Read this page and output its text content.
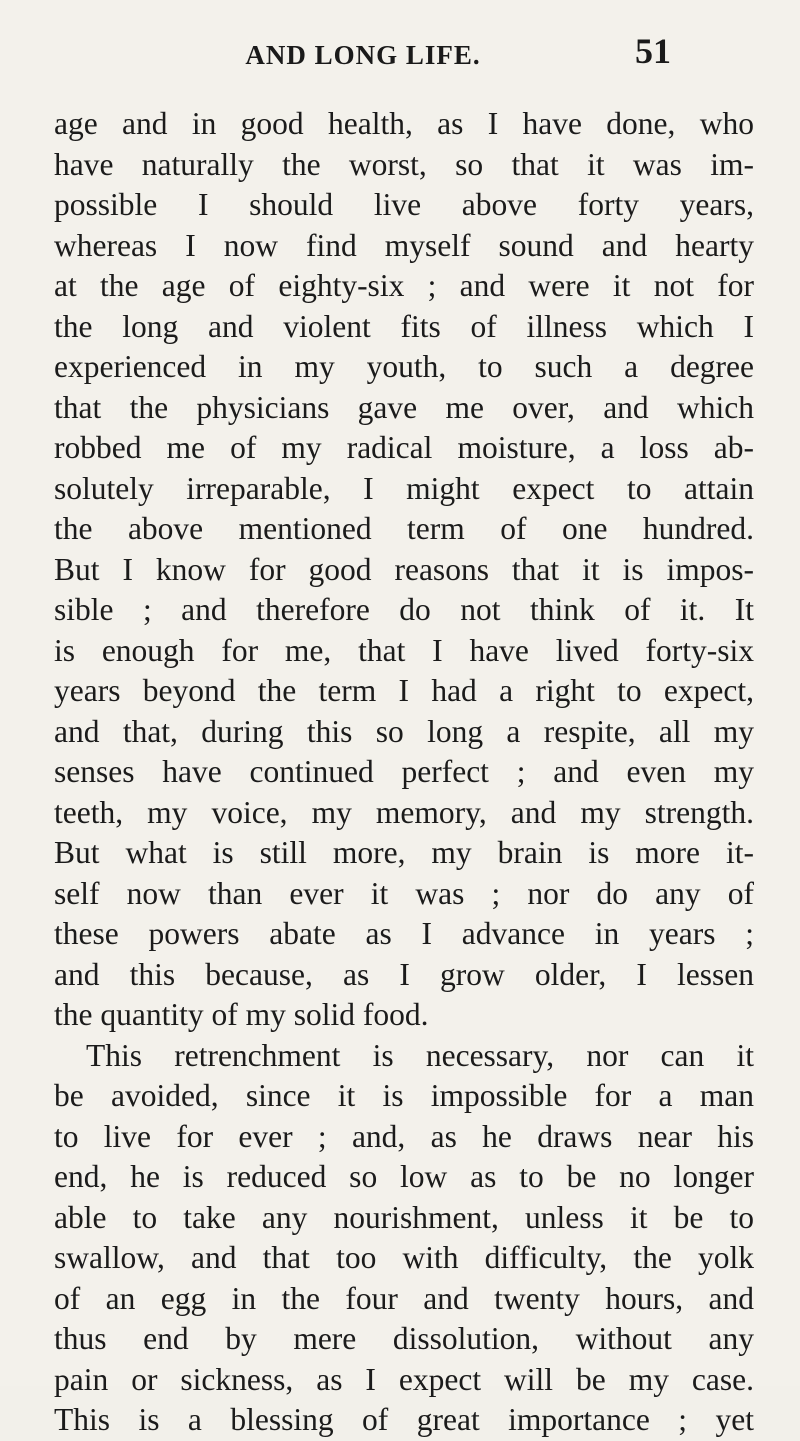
AND LONG LIFE.	51
age and in good health, as I have done, who
have naturally the worst, so that it was im-
possible I should live above forty years,
whereas I now find myself sound and hearty
at the age of eighty-six ; and were it not for
the long and violent fits of illness which I
experienced in my youth, to such a degree
that the physicians gave me over, and which
robbed me of my radical moisture, a loss ab-
solutely irreparable, I might expect to attain
the above mentioned term of one hundred.
But I know for good reasons that it is impos-
sible ; and therefore do not think of it. It
is enough for me, that I have lived forty-six
years beyond the term I had a right to expect,
and that, during this so long a respite, all my
senses have continued perfect ; and even my
teeth, my voice, my memory, and my strength.
But what is still more, my brain is more it-
self now than ever it was ; nor do any of
these powers abate as I advance in years ;
and this because, as I grow older, I lessen
the quantity of my solid food.
This retrenchment is necessary, nor can it
be avoided, since it is impossible for a man
to live for ever ; and, as he draws near his
end, he is reduced so low as to be no longer
able to take any nourishment, unless it be to
swallow, and that too with difficulty, the yolk
of an egg in the four and twenty hours, and
thus end by mere dissolution, without any
pain or sickness, as I expect will be my case.
This is a blessing of great importance ; yet
